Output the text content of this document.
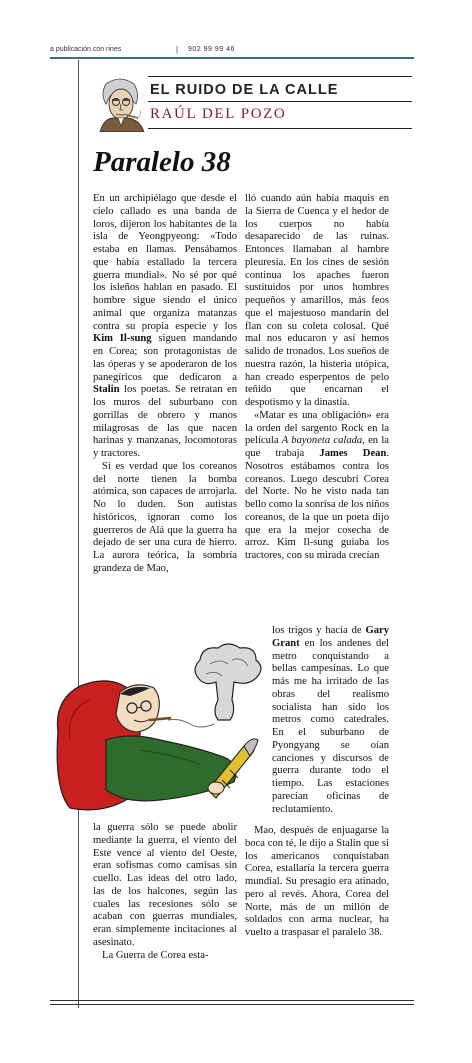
a publicación con rines	| 902 99 99 46
EL RUIDO DE LA CALLE
RAÚL DEL POZO
Paralelo 38

En un archipiélago que desde el cielo callado es una banda de loros, dijeron los habitantes de la isla de Yeongpyeong: «Todo estaba en llamas. Pensábamos que había estallado la tercera guerra mundial». No sé por qué los isleños hablan en pasado. El hombre sigue siendo el único animal que organiza matanzas contra su propia especie y los Kim Il-sung siguen mandando en Corea; son protagonistas de las óperas y se apoderaron de los panegíricos que dedicaron a Stalin los poetas. Se retratan en los muros del suburbano con gorrillas de obrero y manos milagrosas de las que nacen harinas y manzanas, locomotoras y tractores.

Si es verdad que los coreanos del norte tienen la bomba atómica, son capaces de arrojarla. No lo duden. Son autistas históricos, ignoran como los guerreros de Alá que la guerra ha dejado de ser una cura de hierro. La aurora teórica, la sombría grandeza de Mao,

la guerra sólo se puede abolir mediante la guerra, el viento del Este vence al viento del Oeste, eran sofismas como camisas sin cuello. Las ideas del otro lado, las de los halcones, según las cuales las recesiones sólo se acaban con guerras mundiales, eran simplemente incitaciones al asesinato.

La Guerra de Corea esta-

lló cuando aún había maquis en la Sierra de Cuenca y el hedor de los cuerpos no había desaparecido de las ruinas. Entonces llamaban al hambre pleuresía. En los cines de sesión continua los apaches fueron sustituidos por unos hombres pequeños y amarillos, más feos que el majestuoso mandarín del flan con su coleta colosal. Qué mal nos educaron y así hemos salido de tronados. Los sueños de nuestra razón, la histeria utópica, han creado esperpentos de pelo teñido que encarnan el despotismo y la dinastía.

«Matar es una obligación» era la orden del sargento Rock en la película A bayoneta calada, en la que trabaja James Dean. Nosotros estábamos contra los coreanos. Luego descubrí Corea del Norte. No he visto nada tan bello como la sonrisa de los niños coreanos, de la que un poeta dijo que era la mejor cosecha de arroz. Kim Il-sung guiaba los tractores, con su mirada crecían

los trigos y hacía de Gary Grant en los andenes del metro conquistando a bellas campesinas. Lo que más me ha irritado de las obras del realismo socialista han sido los metros como catedrales. En el suburbano de Pyongyang se oían canciones y discursos de guerra durante todo el tiempo. Las estaciones parecían oficinas de reclutamiento.

Mao, después de enjuagarse la boca con té, le dijo a Stalin que si los americanos conquistaban Corea, estallaría la tercera guerra mundial. Su presagio era atinado, pero al revés. Ahora, Corea del Norte, más de un millón de soldados con arma nuclear, ha vuelto a traspasar el paralelo 38.
